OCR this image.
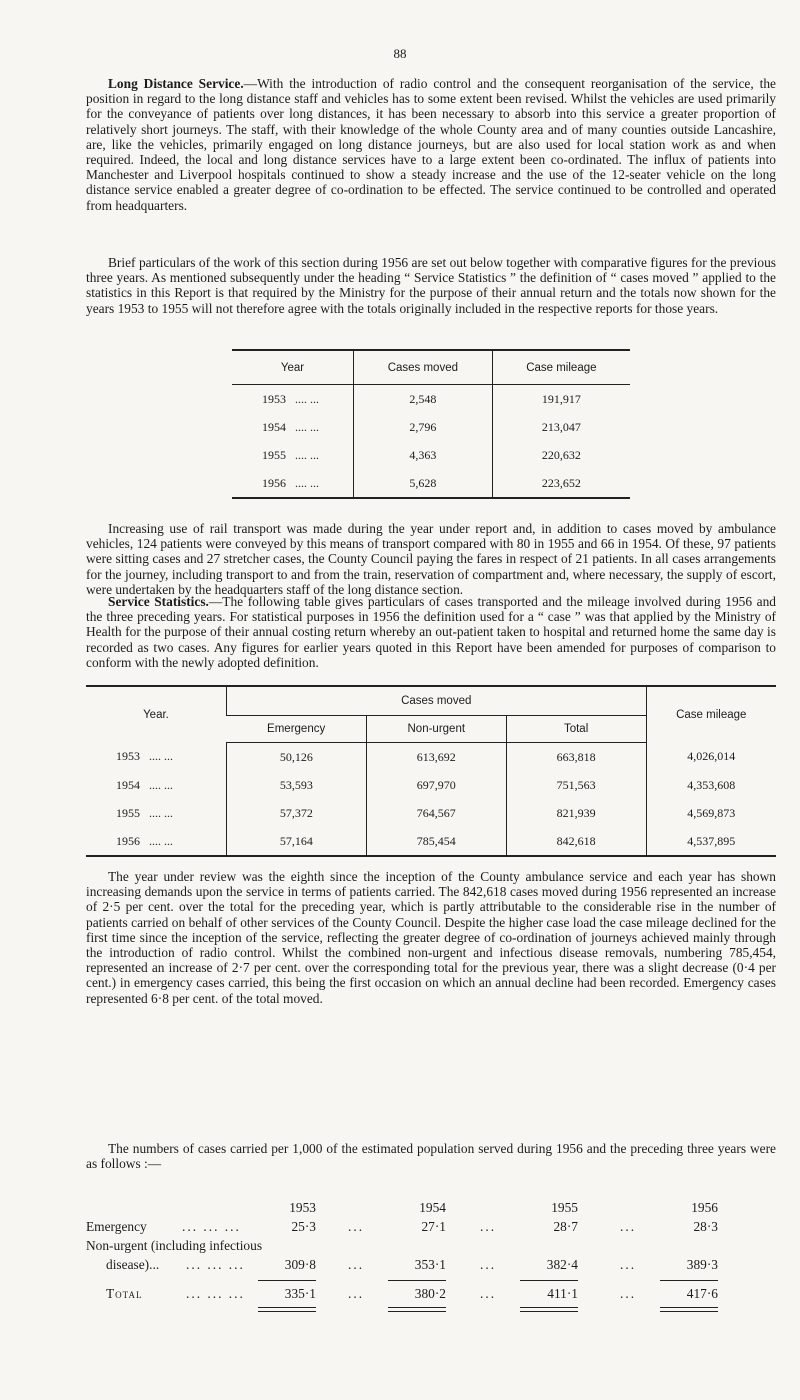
88

Long Distance Service.—With the introduction of radio control and the consequent reorganisation of the service, the position in regard to the long distance staff and vehicles has to some extent been revised. Whilst the vehicles are used primarily for the conveyance of patients over long distances, it has been necessary to absorb into this service a greater proportion of relatively short journeys. The staff, with their knowledge of the whole County area and of many counties outside Lancashire, are, like the vehicles, primarily engaged on long distance journeys, but are also used for local station work as and when required. Indeed, the local and long distance services have to a large extent been co-ordinated. The influx of patients into Manchester and Liverpool hospitals continued to show a steady increase and the use of the 12-seater vehicle on the long distance service enabled a greater degree of co-ordination to be effected. The service continued to be controlled and operated from headquarters.

Brief particulars of the work of this section during 1956 are set out below together with comparative figures for the previous three years. As mentioned subsequently under the heading “ Service Statistics ” the definition of “ cases moved ” applied to the statistics in this Report is that required by the Ministry for the purpose of their annual return and the totals now shown for the years 1953 to 1955 will not therefore agree with the totals originally included in the respective reports for those years.

Year	Cases moved	Case mileage
1953   .... ...	2,548	191,917
1954   .... ...	2,796	213,047
1955   .... ...	4,363	220,632
1956   .... ...	5,628	223,652

Increasing use of rail transport was made during the year under report and, in addition to cases moved by ambulance vehicles, 124 patients were conveyed by this means of transport compared with 80 in 1955 and 66 in 1954. Of these, 97 patients were sitting cases and 27 stretcher cases, the County Council paying the fares in respect of 21 patients. In all cases arrangements for the journey, including transport to and from the train, reservation of compartment and, where necessary, the supply of escort, were undertaken by the headquarters staff of the long distance section.

Service Statistics.—The following table gives particulars of cases transported and the mileage involved during 1956 and the three preceding years. For statistical purposes in 1956 the definition used for a “ case ” was that applied by the Ministry of Health for the purpose of their annual costing return whereby an out-patient taken to hospital and returned home the same day is recorded as two cases. Any figures for earlier years quoted in this Report have been amended for purposes of comparison to conform with the newly adopted definition.

Year.	Cases moved			Case mileage
	Emergency	Non-urgent	Total	
1953   .... ...	50,126	613,692	663,818	4,026,014
1954   .... ...	53,593	697,970	751,563	4,353,608
1955   .... ...	57,372	764,567	821,939	4,569,873
1956   .... ...	57,164	785,454	842,618	4,537,895

The year under review was the eighth since the inception of the County ambulance service and each year has shown increasing demands upon the service in terms of patients carried. The 842,618 cases moved during 1956 represented an increase of 2·5 per cent. over the total for the preceding year, which is partly attributable to the considerable rise in the number of patients carried on behalf of other services of the County Council. Despite the higher case load the case mileage declined for the first time since the inception of the service, reflecting the greater degree of co-ordination of journeys achieved mainly through the introduction of radio control. Whilst the combined non-urgent and infectious disease removals, numbering 785,454, represented an increase of 2·7 per cent. over the corresponding total for the previous year, there was a slight decrease (0·4 per cent.) in emergency cases carried, this being the first occasion on which an annual decline had been recorded. Emergency cases represented 6·8 per cent. of the total moved.

The numbers of cases carried per 1,000 of the estimated population served during 1956 and the preceding three years were as follows :—

1953	1954	1955	1956
Emergency	... ... ...	25·3 ...	27·1	...	28·7	...	28·3
Non-urgent (including infectious
disease)... ... ... ...	309·8 ...	353·1	...	382·4	...	389·3
Total	... ... ...	335·1 ...	380·2	...	411·1	...	417·6
